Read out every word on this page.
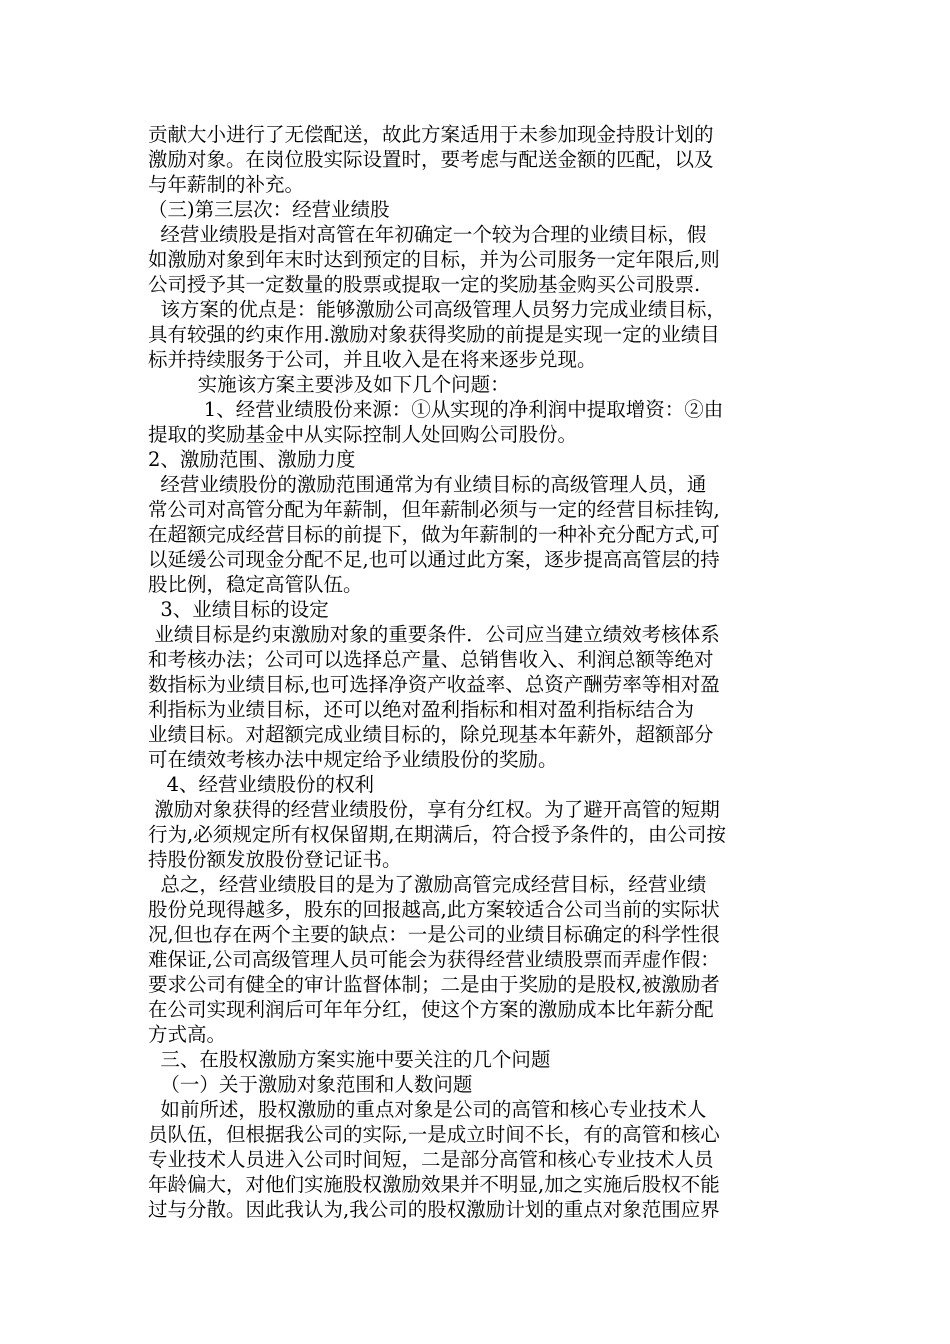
贡献大小进行了无偿配送，故此方案适用于未参加现金持股计划的
激励对象。在岗位股实际设置时，要考虑与配送金额的匹配，以及
与年薪制的补充。
（三)第三层次：经营业绩股
经营业绩股是指对高管在年初确定一个较为合理的业绩目标，假
如激励对象到年末时达到预定的目标，并为公司服务一定年限后,则
公司授予其一定数量的股票或提取一定的奖励基金购买公司股票.
该方案的优点是：能够激励公司高级管理人员努力完成业绩目标，
具有较强的约束作用.激励对象获得奖励的前提是实现一定的业绩目
标并持续服务于公司，并且收入是在将来逐步兑现。
实施该方案主要涉及如下几个问题：
1、经营业绩股份来源：①从实现的净利润中提取增资：②由
提取的奖励基金中从实际控制人处回购公司股份。
2、激励范围、激励力度
经营业绩股份的激励范围通常为有业绩目标的高级管理人员，通
常公司对高管分配为年薪制，但年薪制必须与一定的经营目标挂钩,
在超额完成经营目标的前提下，做为年薪制的一种补充分配方式,可
以延缓公司现金分配不足,也可以通过此方案，逐步提高高管层的持
股比例，稳定高管队伍。
3、业绩目标的设定
业绩目标是约束激励对象的重要条件．公司应当建立绩效考核体系
和考核办法；公司可以选择总产量、总销售收入、利润总额等绝对
数指标为业绩目标,也可选择净资产收益率、总资产酬劳率等相对盈
利指标为业绩目标，还可以绝对盈利指标和相对盈利指标结合为
业绩目标。对超额完成业绩目标的，除兑现基本年薪外，超额部分
可在绩效考核办法中规定给予业绩股份的奖励。
4、经营业绩股份的权利
激励对象获得的经营业绩股份，享有分红权。为了避开高管的短期
行为,必须规定所有权保留期,在期满后，符合授予条件的，由公司按
持股份额发放股份登记证书。
总之，经营业绩股目的是为了激励高管完成经营目标，经营业绩
股份兑现得越多，股东的回报越高,此方案较适合公司当前的实际状
况,但也存在两个主要的缺点：一是公司的业绩目标确定的科学性很
难保证,公司高级管理人员可能会为获得经营业绩股票而弄虚作假：
要求公司有健全的审计监督体制；二是由于奖励的是股权,被激励者
在公司实现利润后可年年分红，使这个方案的激励成本比年薪分配
方式高。
三、在股权激励方案实施中要关注的几个问题
（一）关于激励对象范围和人数问题
如前所述，股权激励的重点对象是公司的高管和核心专业技术人
员队伍，但根据我公司的实际,一是成立时间不长，有的高管和核心
专业技术人员进入公司时间短，二是部分高管和核心专业技术人员
年龄偏大，对他们实施股权激励效果并不明显,加之实施后股权不能
过与分散。因此我认为,我公司的股权激励计划的重点对象范围应界
